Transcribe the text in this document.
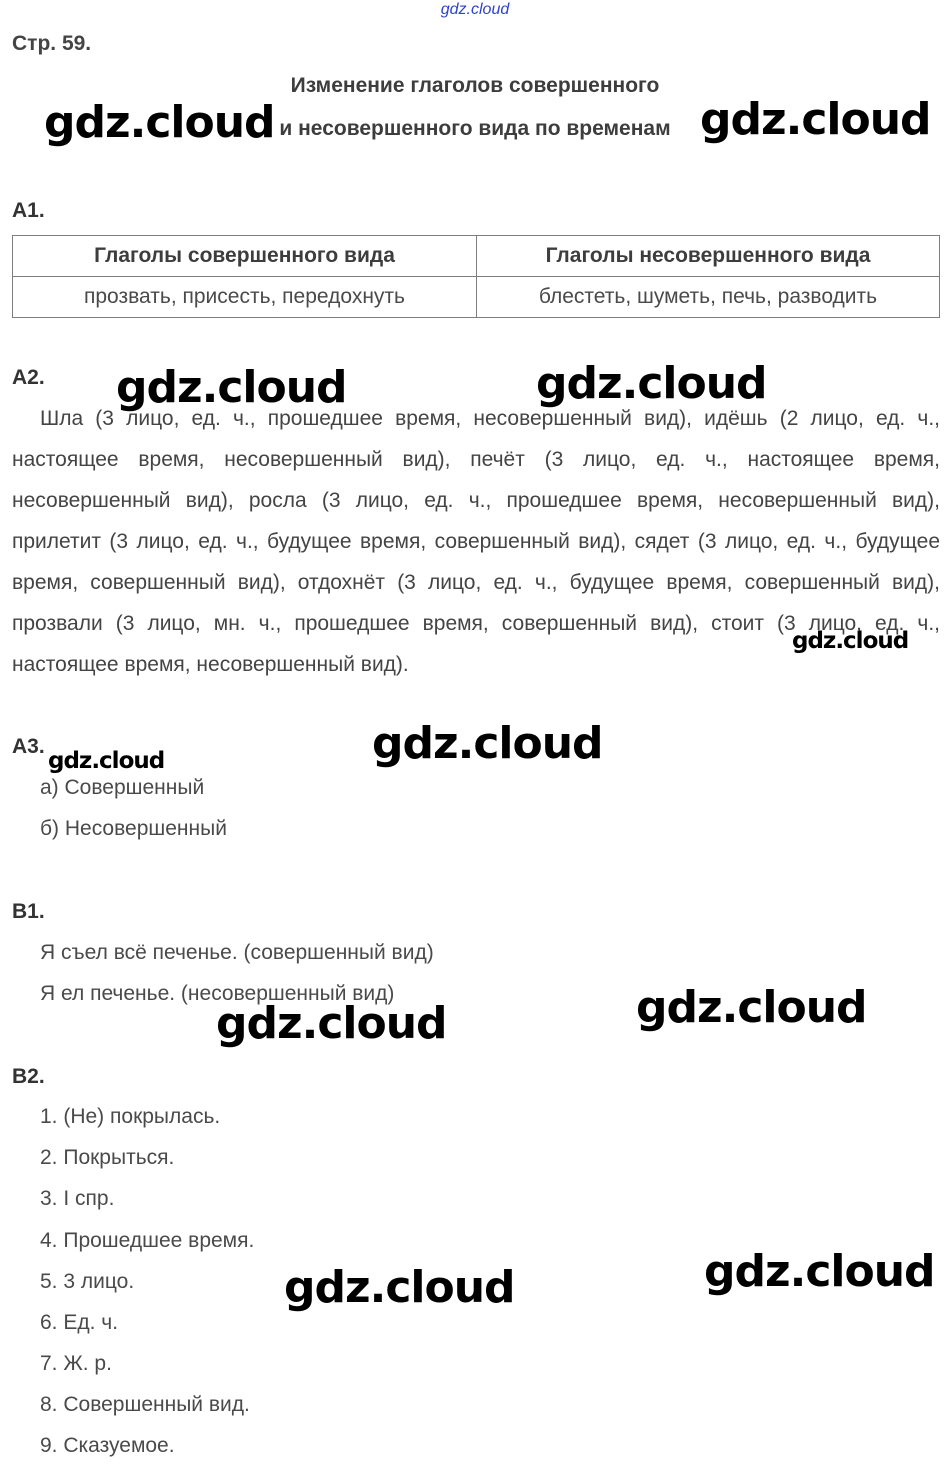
gdz.cloud
Стр. 59.
Изменение глаголов совершенного
и несовершенного вида по временам
А1.
Глаголы совершенного вида	Глаголы несовершенного вида
прозвать, присесть, передохнуть	блестеть, шуметь, печь, разводить
А2.
Шла (3 лицо, ед. ч., прошедшее время, несовершенный вид), идёшь (2 лицо, ед. ч., настоящее время, несовершенный вид), печёт (3 лицо, ед. ч., настоящее время, несовершенный вид), росла (3 лицо, ед. ч., прошедшее время, несовершенный вид), прилетит (3 лицо, ед. ч., будущее время, совершенный вид), сядет (3 лицо, ед. ч., будущее время, совершенный вид), отдохнёт (3 лицо, ед. ч., будущее время, совершенный вид), прозвали (3 лицо, мн. ч., прошедшее время, совершенный вид), стоит (3 лицо, ед. ч., настоящее время, несовершенный вид).
А3.
а) Совершенный
б) Несовершенный
В1.
Я съел всё печенье. (совершенный вид)
Я ел печенье. (несовершенный вид)
В2.
1. (Не) покрылась.
2. Покрыться.
3. I спр.
4. Прошедшее время.
5. 3 лицо.
6. Ед. ч.
7. Ж. р.
8. Совершенный вид.
9. Сказуемое.
gdz.cloud	gdz.cloud
gdz.cloud	gdz.cloud
gdz.cloud
gdz.cloud
gdz.cloud
gdz.cloud
gdz.cloud
gdz.cloud
gdz.cloud
